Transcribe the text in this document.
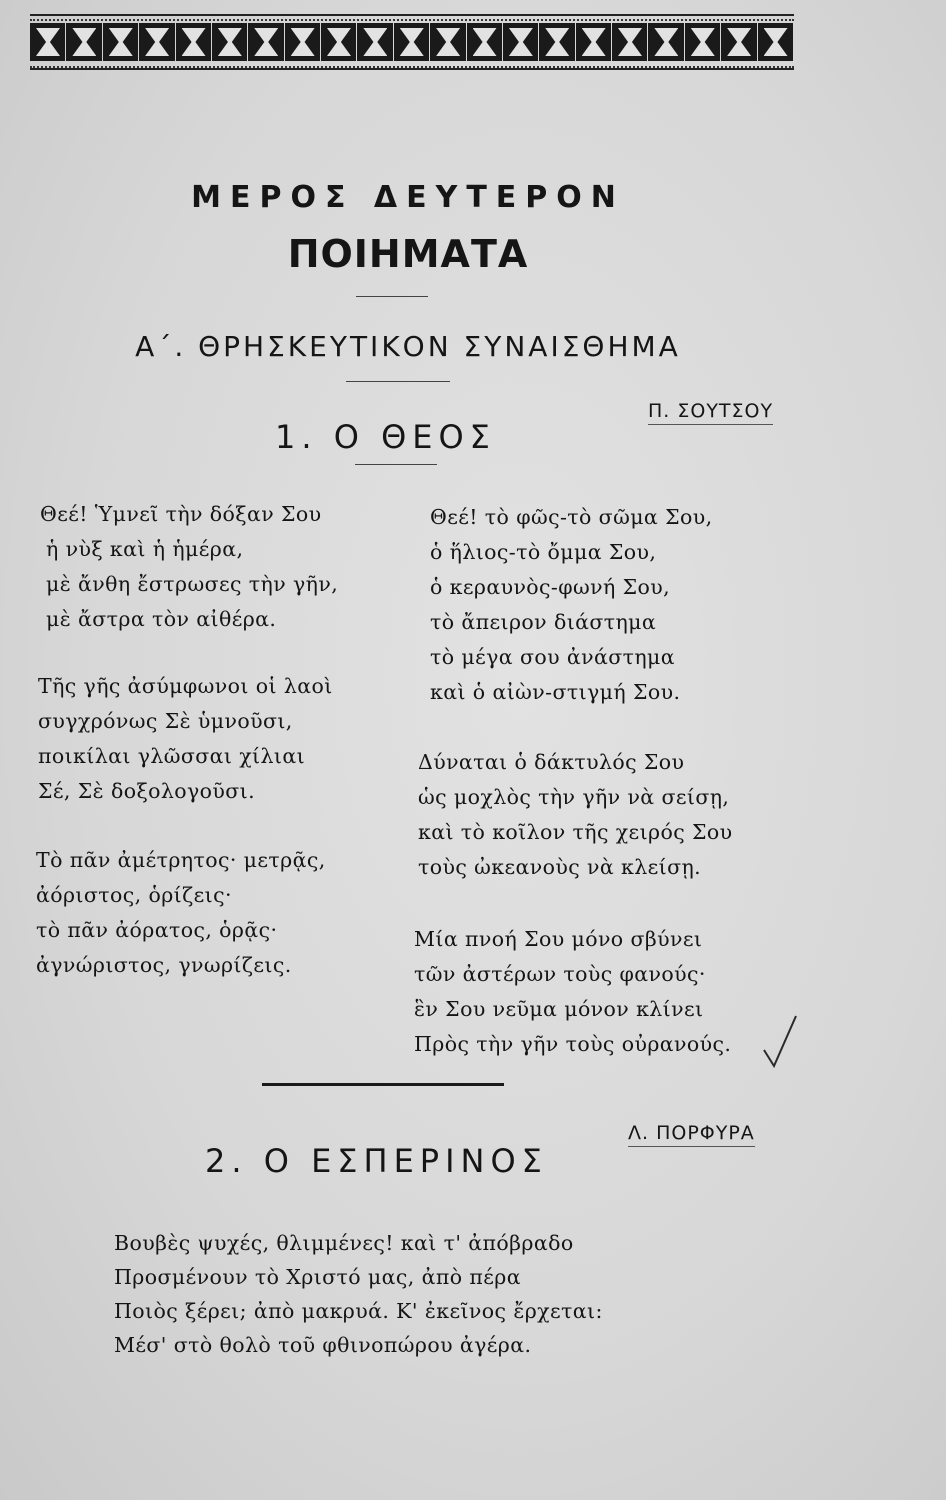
ΜΕΡΟΣ ΔΕΥΤΕΡΟΝ
ΠΟΙΗΜΑΤΑ
Α΄. ΘΡΗΣΚΕΥΤΙΚΟΝ ΣΥΝΑΙΣΘΗΜΑ
Π. ΣΟΥΤΣΟΥ
1. Ο ΘΕΟΣ
Θεέ! Ὑμνεῖ τὴν δόξαν Σου
ἡ νὺξ καὶ ἡ ἡμέρα,
μὲ ἄνθη ἔστρωσες τὴν γῆν,
μὲ ἄστρα τὸν αἰθέρα.
Τῆς γῆς ἀσύμφωνοι οἱ λαοὶ
συγχρόνως Σὲ ὑμνοῦσι,
ποικίλαι γλῶσσαι χίλιαι
Σέ, Σὲ δοξολογοῦσι.
Τὸ πᾶν ἀμέτρητος· μετρᾷς,
ἀόριστος, ὁρίζεις·
τὸ πᾶν ἀόρατος, ὁρᾷς·
ἀγνώριστος, γνωρίζεις.
Θεέ! τὸ φῶς-τὸ σῶμα Σου,
ὁ ἥλιος-τὸ ὄμμα Σου,
ὁ κεραυνὸς-φωνή Σου,
τὸ ἄπειρον διάστημα
τὸ μέγα σου ἀνάστημα
καὶ ὁ αἰὼν-στιγμή Σου.
Δύναται ὁ δάκτυλός Σου
ὡς μοχλὸς τὴν γῆν νὰ σείσῃ,
καὶ τὸ κοῖλον τῆς χειρός Σου
τοὺς ὠκεανοὺς νὰ κλείσῃ.
Μία πνοή Σου μόνο σβύνει
τῶν ἀστέρων τοὺς φανούς·
ἓν Σου νεῦμα μόνον κλίνει
Πρὸς τὴν γῆν τοὺς οὐρανούς.
Λ. ΠΟΡΦΥΡΑ
2. Ο ΕΣΠΕΡΙΝΟΣ
Βουβὲς ψυχές, θλιμμένες! καὶ τ' ἀπόβραδο
Προσμένουν τὸ Χριστό μας, ἀπὸ πέρα
Ποιὸς ξέρει; ἀπὸ μακρυά. Κ' ἐκεῖνος ἔρχεται:
Μέσ' στὸ θολὸ τοῦ φθινοπώρου ἀγέρα.
